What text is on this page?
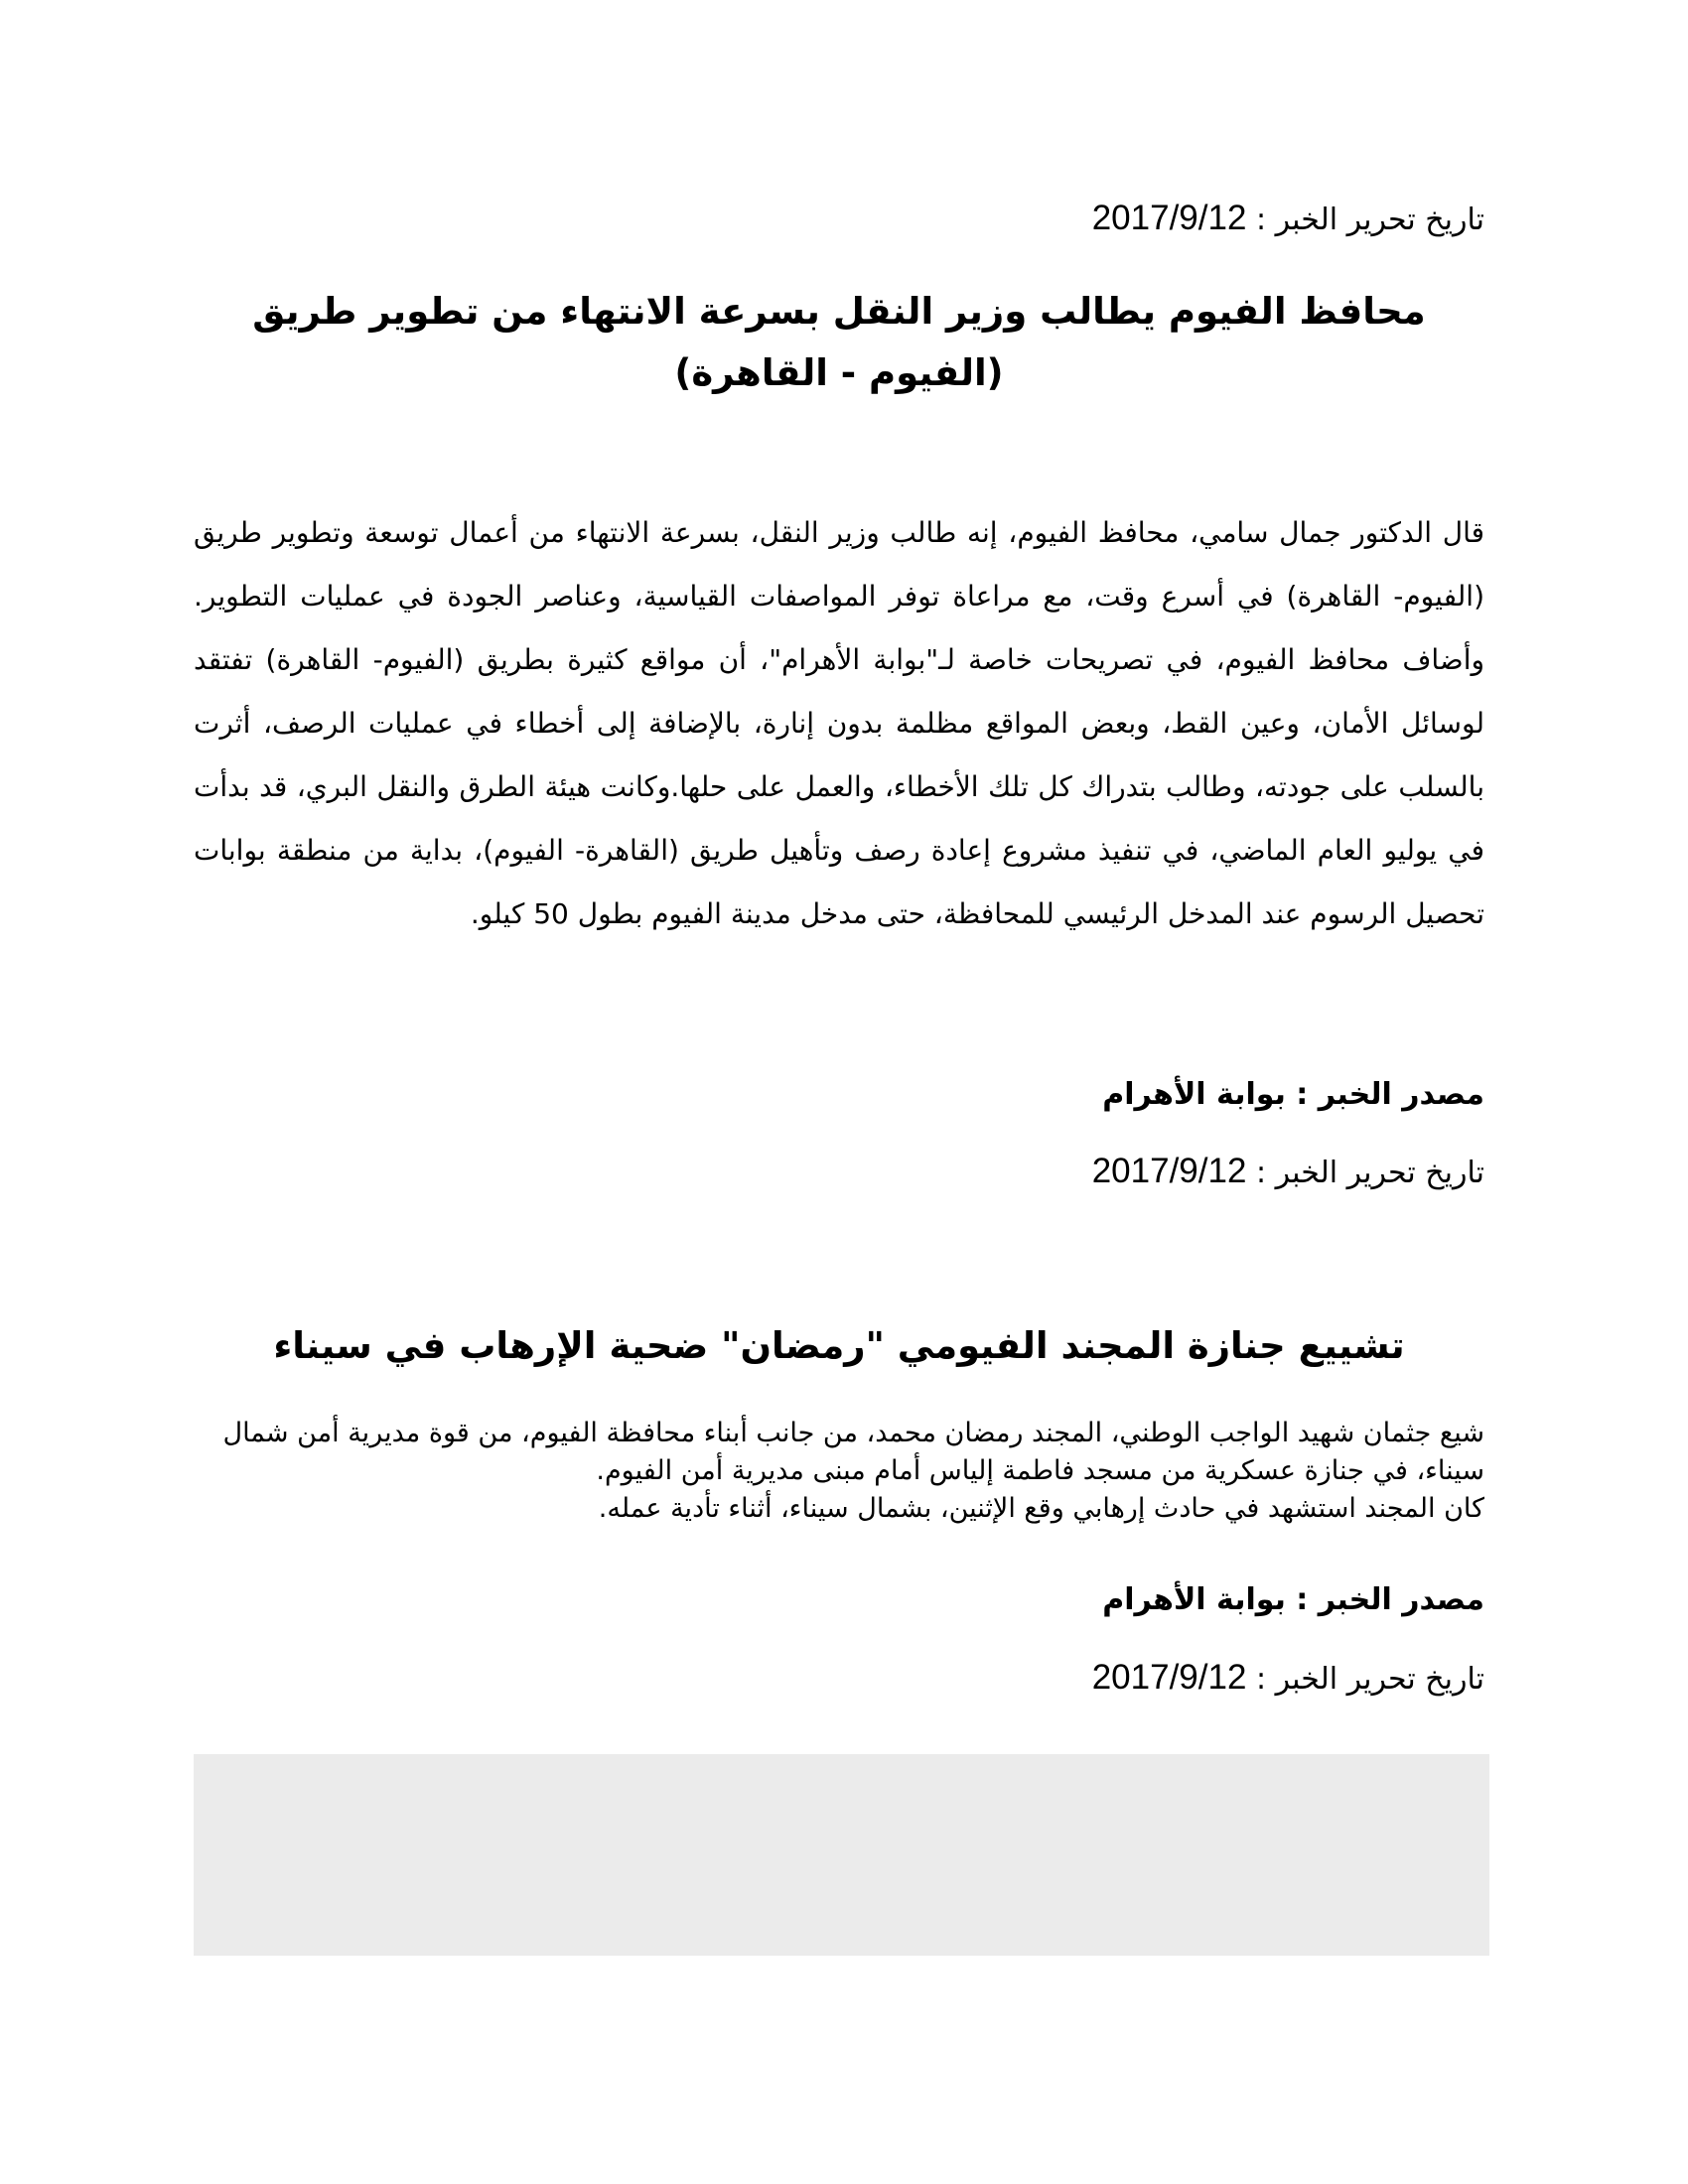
تاريخ تحرير الخبر : 2017/9/12
محافظ الفيوم يطالب وزير النقل بسرعة الانتهاء من تطوير طريق (الفيوم - القاهرة)

قال الدكتور جمال سامي، محافظ الفيوم، إنه طالب وزير النقل، بسرعة الانتهاء من أعمال توسعة وتطوير طريق (الفيوم- القاهرة) في أسرع وقت، مع مراعاة توفر المواصفات القياسية، وعناصر الجودة في عمليات التطوير. وأضاف محافظ الفيوم، في تصريحات خاصة لـ"بوابة الأهرام"، أن مواقع كثيرة بطريق (الفيوم- القاهرة) تفتقد لوسائل الأمان، وعين القط، وبعض المواقع مظلمة بدون إنارة، بالإضافة إلى أخطاء في عمليات الرصف، أثرت بالسلب على جودته، وطالب بتدراك كل تلك الأخطاء، والعمل على حلها.وكانت هيئة الطرق والنقل البري، قد بدأت في يوليو العام الماضي، في تنفيذ مشروع إعادة رصف وتأهيل طريق (القاهرة- الفيوم)، بداية من منطقة بوابات تحصيل الرسوم عند المدخل الرئيسي للمحافظة، حتى مدخل مدينة الفيوم بطول 50 كيلو.

مصدر الخبر : بوابة الأهرام
تاريخ تحرير الخبر : 2017/9/12
تشييع جنازة المجند الفيومي "رمضان" ضحية الإرهاب في سيناء

شيع جثمان شهيد الواجب الوطني، المجند رمضان محمد، من جانب أبناء محافظة الفيوم، من قوة مديرية أمن شمال سيناء، في جنازة عسكرية من مسجد فاطمة إلياس أمام مبنى مديرية أمن الفيوم.

كان المجند استشهد في حادث إرهابي وقع الإثنين، بشمال سيناء، أثناء تأدية عمله.

مصدر الخبر : بوابة الأهرام
تاريخ تحرير الخبر : 2017/9/12
